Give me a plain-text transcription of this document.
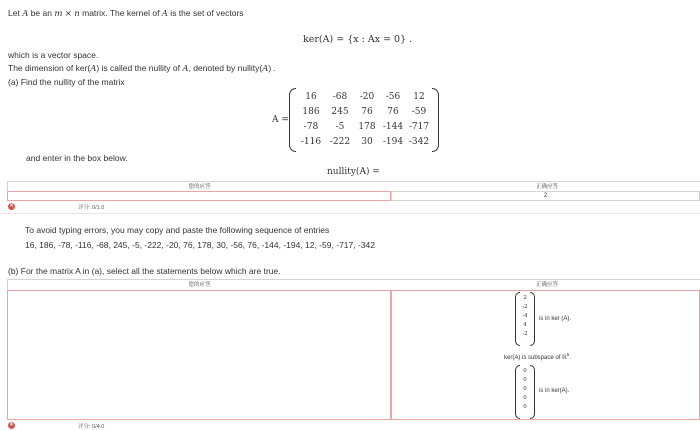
Let A be an m × n matrix. The kernel of A is the set of vectors
ker(A) = {x : Ax = 0} .
which is a vector space.
The dimension of ker(A) is called the nullity of A, denoted by nullity(A) .
(a) Find the nullity of the matrix
A =
16	-68	-20	-56	12
186	245	76	76	-59
-78	-5	178	-144	-717
-116	-222	30	-194	-342
and enter in the box below.
nullity(A) =
您的应答	正确应答
2
×	评分: 0/1.0
To avoid typing errors, you may copy and paste the following sequence of entries
16, 186, -78, -116, -68, 245, -5, -222, -20, 76, 178, 30, -56, 76, -144, -194, 12, -59, -717, -342
(b) For the matrix A in (a), select all the statements below which are true.
您的应答	正确应答
2
-2
-4
4
-2
is in ker (A).
ker(A) is subspace of ℝ$^5$.
0
0
0
0
0
is in ker(A).
×	评分: 0/4.0
